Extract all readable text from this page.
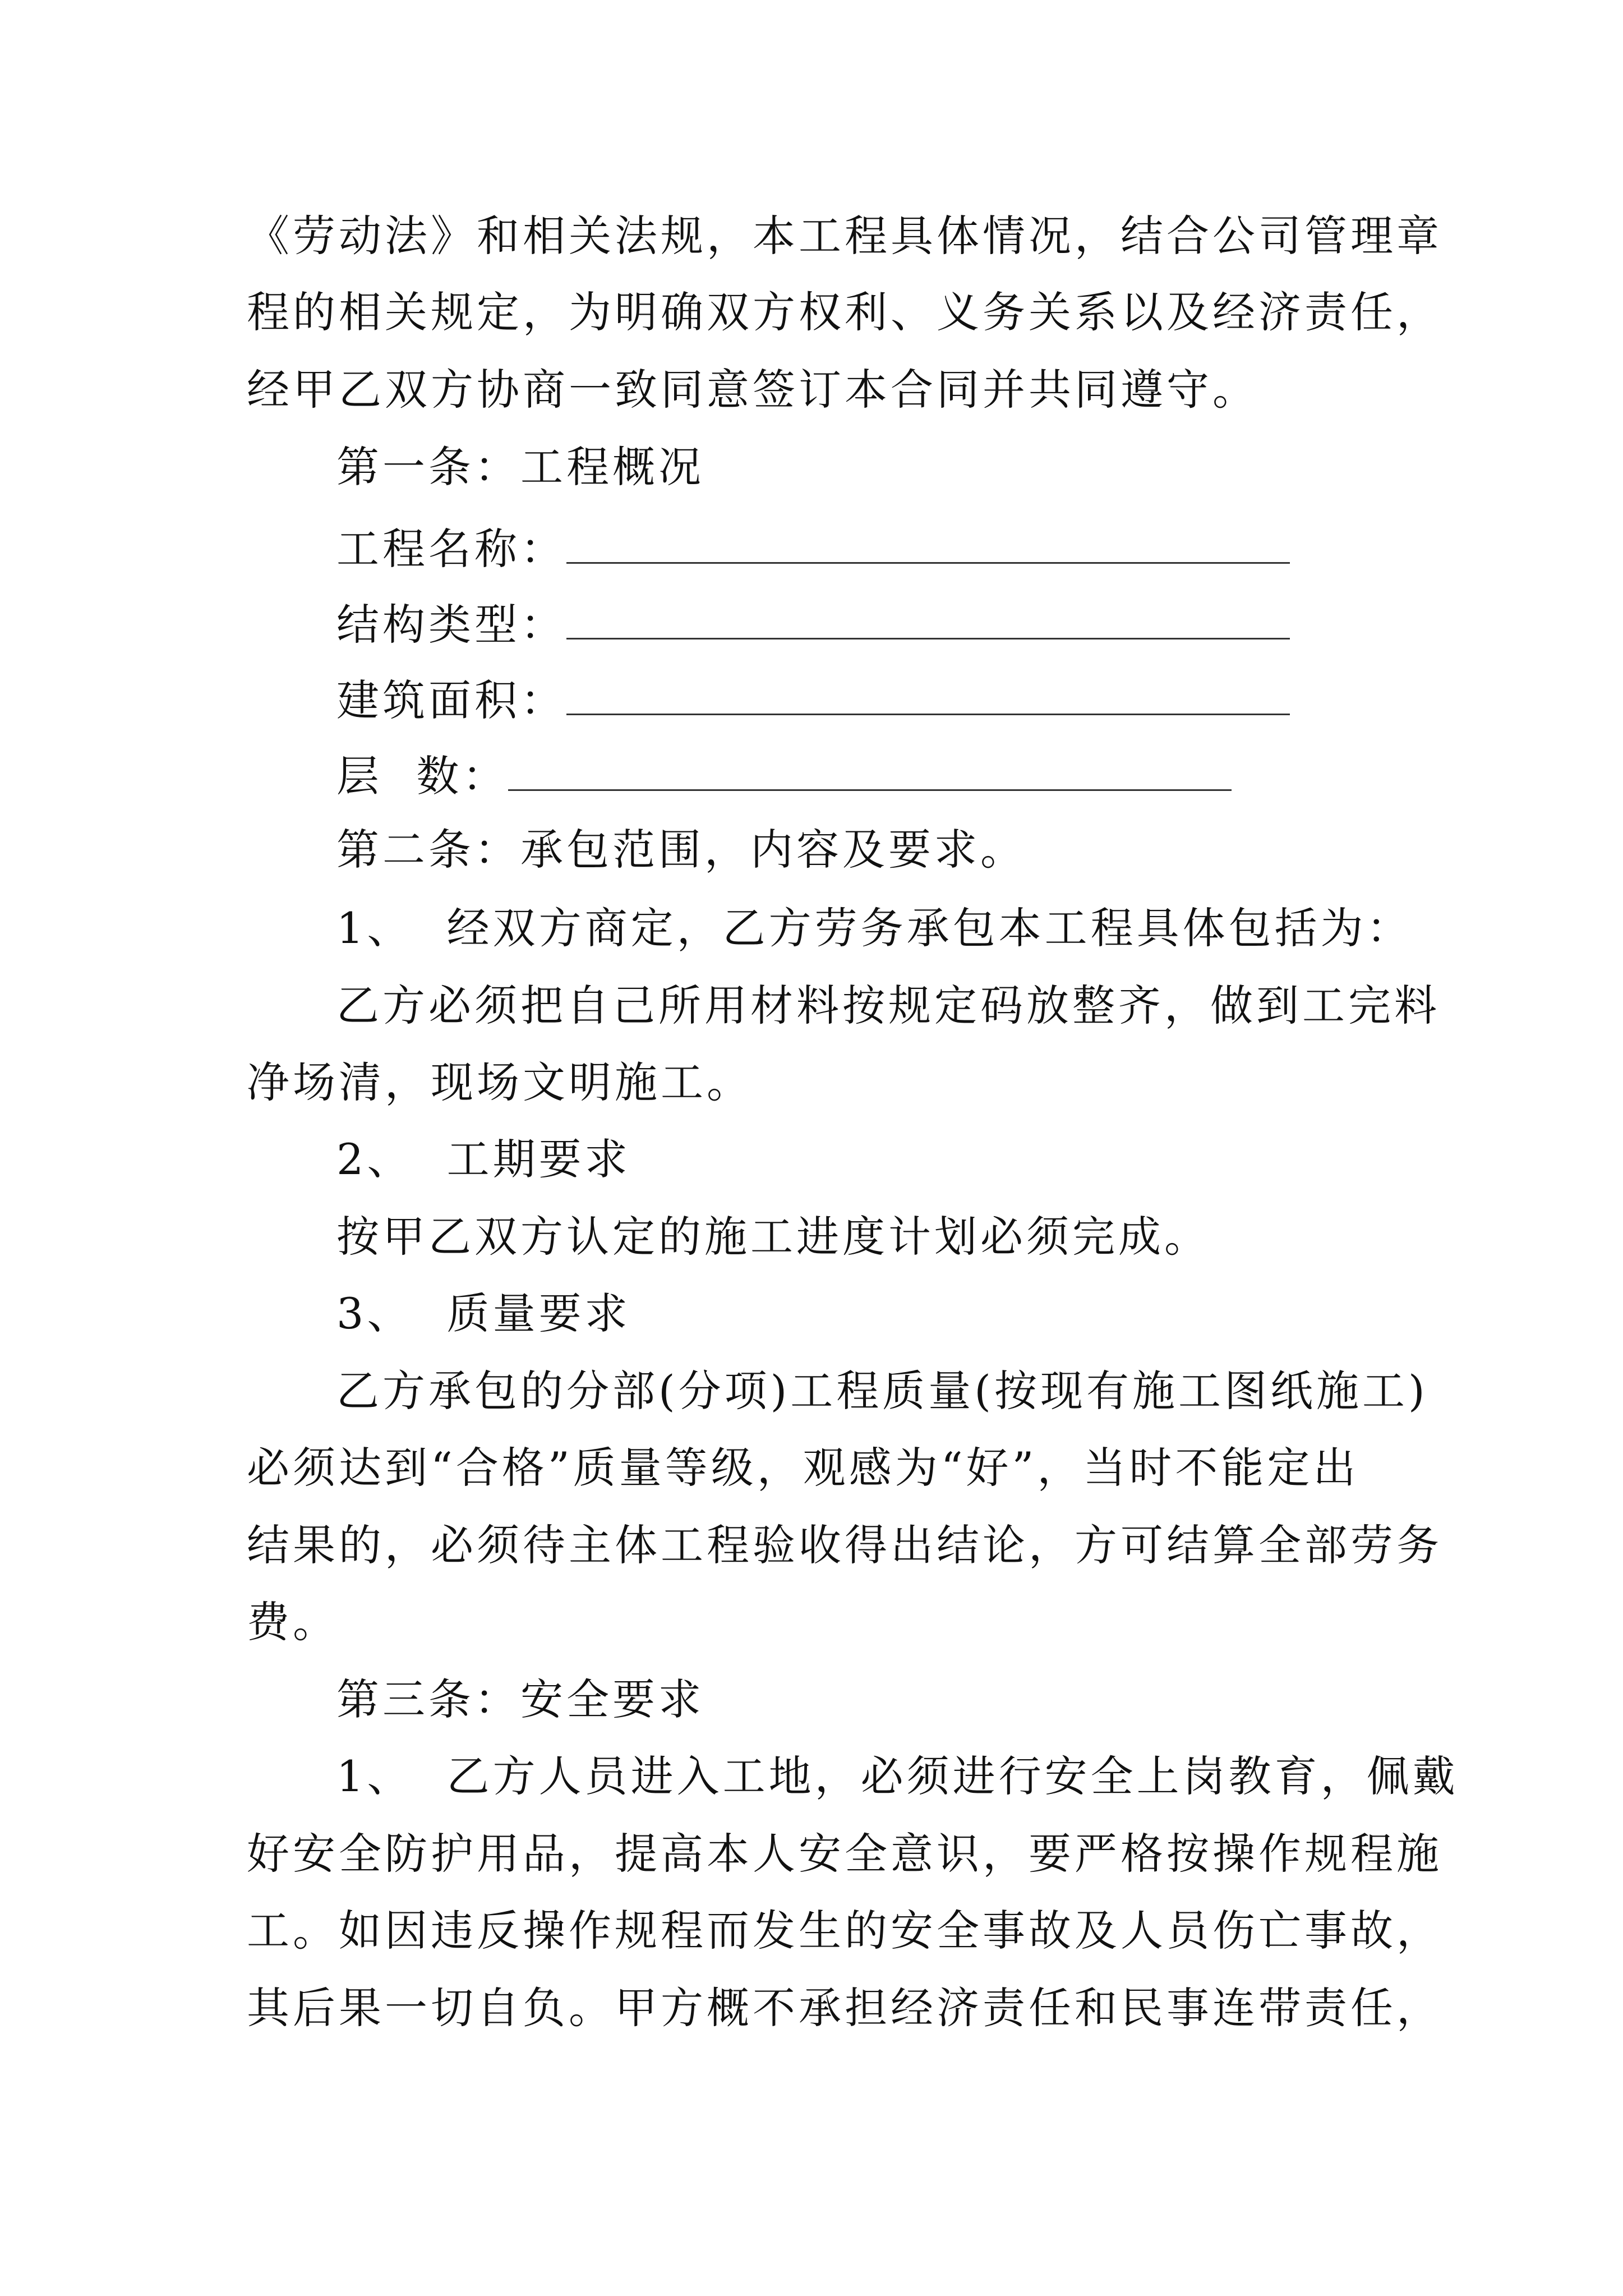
《劳动法》和相关法规，本工程具体情况，结合公司管理章
程的相关规定，为明确双方权利、义务关系以及经济责任，
经甲乙双方协商一致同意签订本合同并共同遵守。
第一条：工程概况
工程名称：
结构类型：
建筑面积：
层  数：
第二条：承包范围，内容及要求。
1、  经双方商定，乙方劳务承包本工程具体包括为：
乙方必须把自己所用材料按规定码放整齐，做到工完料
净场清，现场文明施工。
2、  工期要求
按甲乙双方认定的施工进度计划必须完成。
3、  质量要求
乙方承包的分部(分项)工程质量(按现有施工图纸施工)
必须达到“合格”质量等级，观感为“好”，当时不能定出
结果的，必须待主体工程验收得出结论，方可结算全部劳务
费。
第三条：安全要求
1、  乙方人员进入工地，必须进行安全上岗教育，佩戴
好安全防护用品，提高本人安全意识，要严格按操作规程施
工。如因违反操作规程而发生的安全事故及人员伤亡事故，
其后果一切自负。甲方概不承担经济责任和民事连带责任，
